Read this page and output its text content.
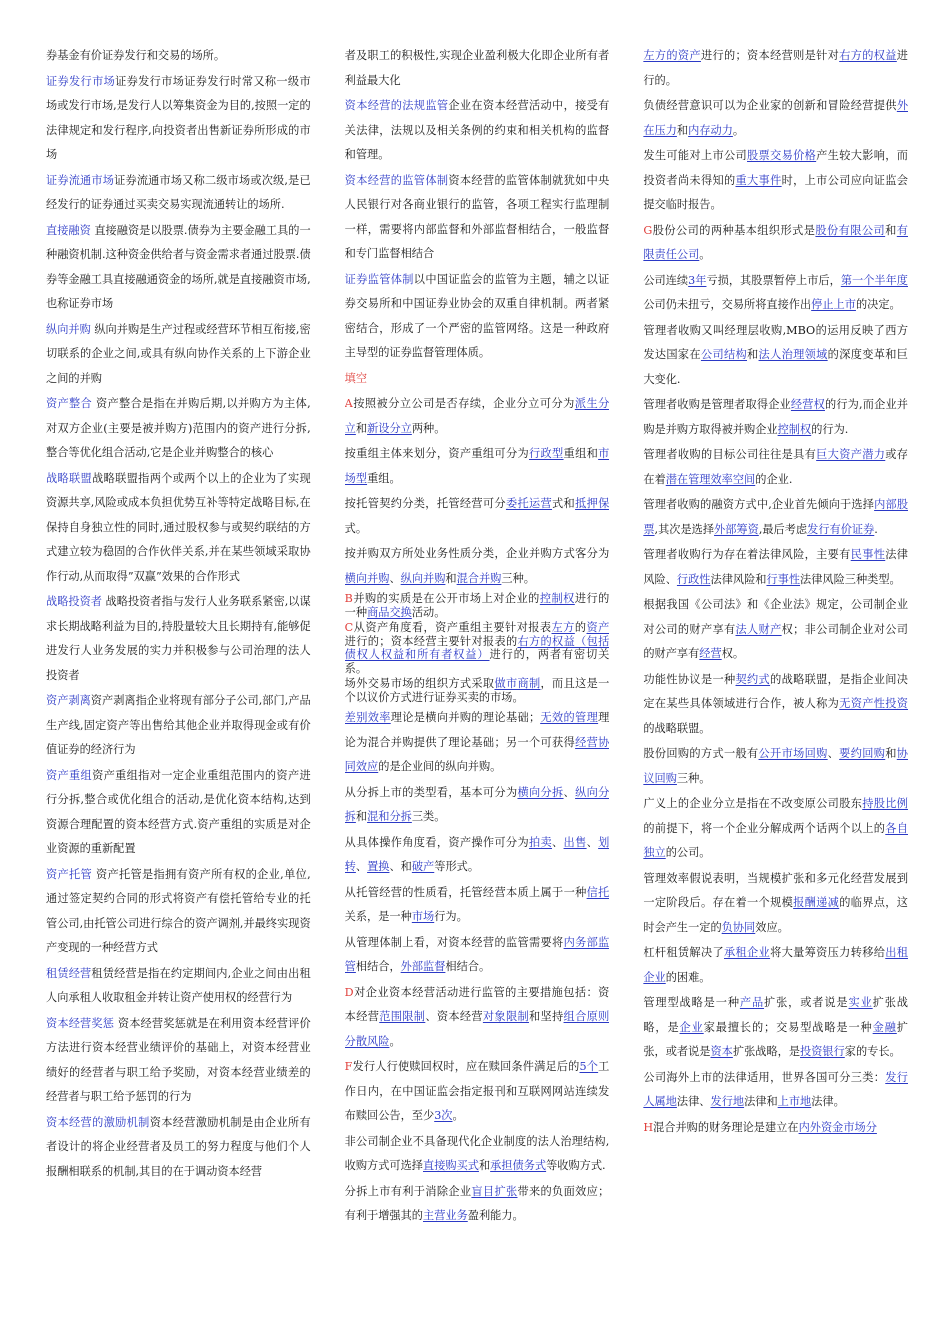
券基金有价证券发行和交易的场所。

证券发行市场证券发行市场证券发行时常又称一级市场或发行市场,是发行人以筹集资金为目的,按照一定的法律规定和发行程序,向投资者出售新证券所形成的市场

证券流通市场证券流通市场又称二级市场或次级,是已经发行的证券通过买卖交易实现流通转让的场所.

直接融资 直接融资是以股票.债券为主要金融工具的一种融资机制.这种资金供给者与资金需求者通过股票.债券等金融工具直接融通资金的场所,就是直接融资市场,也称证券市场

纵向并购 纵向并购是生产过程或经营环节相互衔接,密切联系的企业之间,或具有纵向协作关系的上下游企业之间的并购

资产整合 资产整合是指在并购后期,以并购方为主体,对双方企业(主要是被并购方)范围内的资产进行分拆,整合等优化组合活动,它是企业并购整合的核心

战略联盟战略联盟指两个或两个以上的企业为了实现资源共享,风险或成本负担优势互补等特定战略目标,在保持自身独立性的同时,通过股权参与或契约联结的方式建立较为稳固的合作伙伴关系,并在某些领域采取协作行动,从而取得”双赢”效果的合作形式

战略投资者 战略投资者指与发行人业务联系紧密,以谋求长期战略利益为目的,持股量较大且长期持有,能够促进发行人业务发展的实力并积极参与公司治理的法人投资者

资产剥离资产剥离指企业将现有部分子公司,部门,产品生产线,固定资产等出售给其他企业并取得现金或有价值证券的经济行为

资产重组资产重组指对一定企业重组范围内的资产进行分拆,整合或优化组合的活动,是优化资本结构,达到资源合理配置的资本经营方式.资产重组的实质是对企业资源的重新配置

资产托管 资产托管是指拥有资产所有权的企业,单位,通过签定契约合同的形式将资产有偿托管给专业的托管公司,由托管公司进行综合的资产调剂,并最终实现资产变现的一种经营方式

租赁经营租赁经营是指在约定期间内,企业之间由出租人向承租人收取租金并转让资产使用权的经营行为

资本经营奖惩 资本经营奖惩就是在利用资本经营评价方法进行资本经营业绩评价的基础上，对资本经营业绩好的经营者与职工给予奖励，对资本经营业绩差的经营者与职工给予惩罚的行为

资本经营的激励机制资本经营激励机制是由企业所有者设计的将企业经营者及员工的努力程度与他们个人报酬相联系的机制,其目的在于调动资本经营

者及职工的积极性,实现企业盈利极大化即企业所有者利益最大化

资本经营的法规监管企业在资本经营活动中，接受有关法律，法规以及相关条例的约束和相关机构的监督和管理。

资本经营的监管体制资本经营的监管体制就犹如中央人民银行对各商业银行的监管，各项工程实行监理制一样，需要将内部监督和外部监督相结合，一般监督和专门监督相结合

证券监管体制以中国证监会的监管为主题，辅之以证券交易所和中国证券业协会的双重自律机制。两者紧密结合，形成了一个严密的监管网络。这是一种政府主导型的证券监督管理体质。

填空

A按照被分立公司是否存续，企业分立可分为派生分立和新设分立两种。

按重组主体来划分，资产重组可分为行政型重组和市场型重组。

按托管契约分类，托管经营可分委托运营式和抵押保式。

按并购双方所处业务性质分类，企业并购方式客分为横向并购、纵向并购和混合并购三种。

B并购的实质是在公开市场上对企业的控制权进行的一种商品交换活动。

C从资产角度看，资产重组主要针对报表左方的资产进行的；资本经营主要针对报表的右方的权益（包括债权人权益和所有者权益）进行的，两者有密切关系。

场外交易市场的组织方式采取做市商制，而且这是一个以议价方式进行证券买卖的市场。

差别效率理论是横向并购的理论基础；无效的管理理论为混合并购提供了理论基础；另一个可获得经营协同效应的是企业间的纵向并购。

从分拆上市的类型看，基本可分为横向分拆、纵向分拆和混和分拆三类。

从具体操作角度看，资产操作可分为拍卖、出售、划转、置换、和破产等形式。

从托管经营的性质看，托管经营本质上属于一种信托关系，是一种市场行为。

从管理体制上看，对资本经营的监管需要将内务部监管相结合，外部监督相结合。

D对企业资本经营活动进行监管的主要措施包括：资本经营范围限制、资本经营对象限制和坚持组合原则分散风险。

F发行人行使赎回权时，应在赎回条件满足后的5个工作日内，在中国证监会指定报刊和互联网网站连续发布赎回公告，至少3次。

非公司制企业不具备现代化企业制度的法人治理结构,收购方式可选择直接购买式和承担债务式等收购方式.

分拆上市有利于消除企业盲目扩张带来的负面效应；有利于增强其的主营业务盈利能力。

左方的资产进行的；资本经营则是针对右方的权益进行的。

负债经营意识可以为企业家的创新和冒险经营提供外在压力和内存动力。

发生可能对上市公司股票交易价格产生较大影响，而投资者尚未得知的重大事件时，上市公司应向证监会提交临时报告。

G股份公司的两种基本组织形式是股份有限公司和有限责任公司。

公司连续3年亏损，其股票暂停上市后，第一个半年度公司仍未扭亏，交易所将直接作出停止上市的决定。

管理者收购又叫经理层收购,MBO的运用反映了西方发达国家在公司结构和法人治理领域的深度变革和巨大变化.

管理者收购是管理者取得企业经营权的行为,而企业并购是并购方取得被并购企业控制权的行为.

管理者收购的目标公司往往是具有巨大资产潜力或存在着潜在管理效率空间的企业.

管理者收购的融资方式中,企业首先倾向于选择内部股票,其次是选择外部筹资,最后考虑发行有价证券.

管理者收购行为存在着法律风险，主要有民事性法律风险、行政性法律风险和行事性法律风险三种类型。

根据我国《公司法》和《企业法》规定，公司制企业对公司的财产享有法人财产权；非公司制企业对公司的财产享有经营权。

功能性协议是一种契约式的战略联盟，是指企业间决定在某些具体领域进行合作，被人称为无资产性投资的战略联盟。

股份回购的方式一般有公开市场回购、要约回购和协议回购三种。

广义上的企业分立是指在不改变原公司股东持股比例的前提下，将一个企业分解成两个话两个以上的各自独立的公司。

管理效率假说表明，当规模扩张和多元化经营发展到一定阶段后。存在着一个规模报酬递减的临界点，这时会产生一定的负协同效应。

杠杆租赁解决了承租企业将大量筹资压力转移给出租企业的困难。

管理型战略是一种产品扩张，或者说是实业扩张战略，是企业家最擅长的；交易型战略是一种金融扩张，或者说是资本扩张战略，是投资银行家的专长。

公司海外上市的法律适用，世界各国可分三类：发行人属地法律、发行地法律和上市地法律。

H混合并购的财务理论是建立在内外资金市场分
